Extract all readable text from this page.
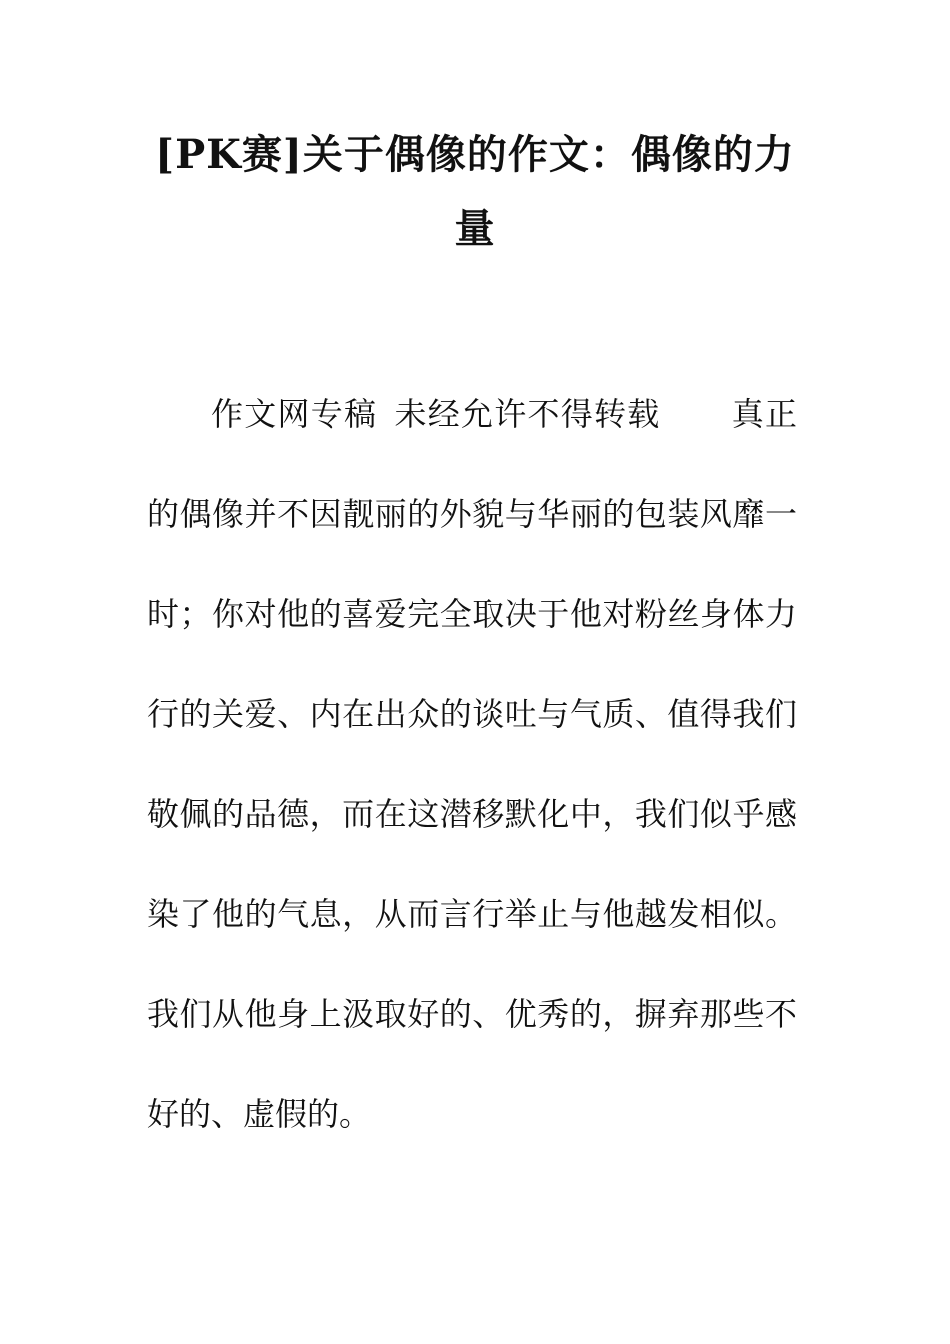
[PK赛]关于偶像的作文：偶像的力量

作文网专稿 未经允许不得转载 真正的偶像并不因靓丽的外貌与华丽的包装风靡一时；你对他的喜爱完全取决于他对粉丝身体力行的关爱、内在出众的谈吐与气质、值得我们敬佩的品德，而在这潜移默化中，我们似乎感染了他的气息，从而言行举止与他越发相似。我们从他身上汲取好的、优秀的，摒弃那些不好的、虚假的。
